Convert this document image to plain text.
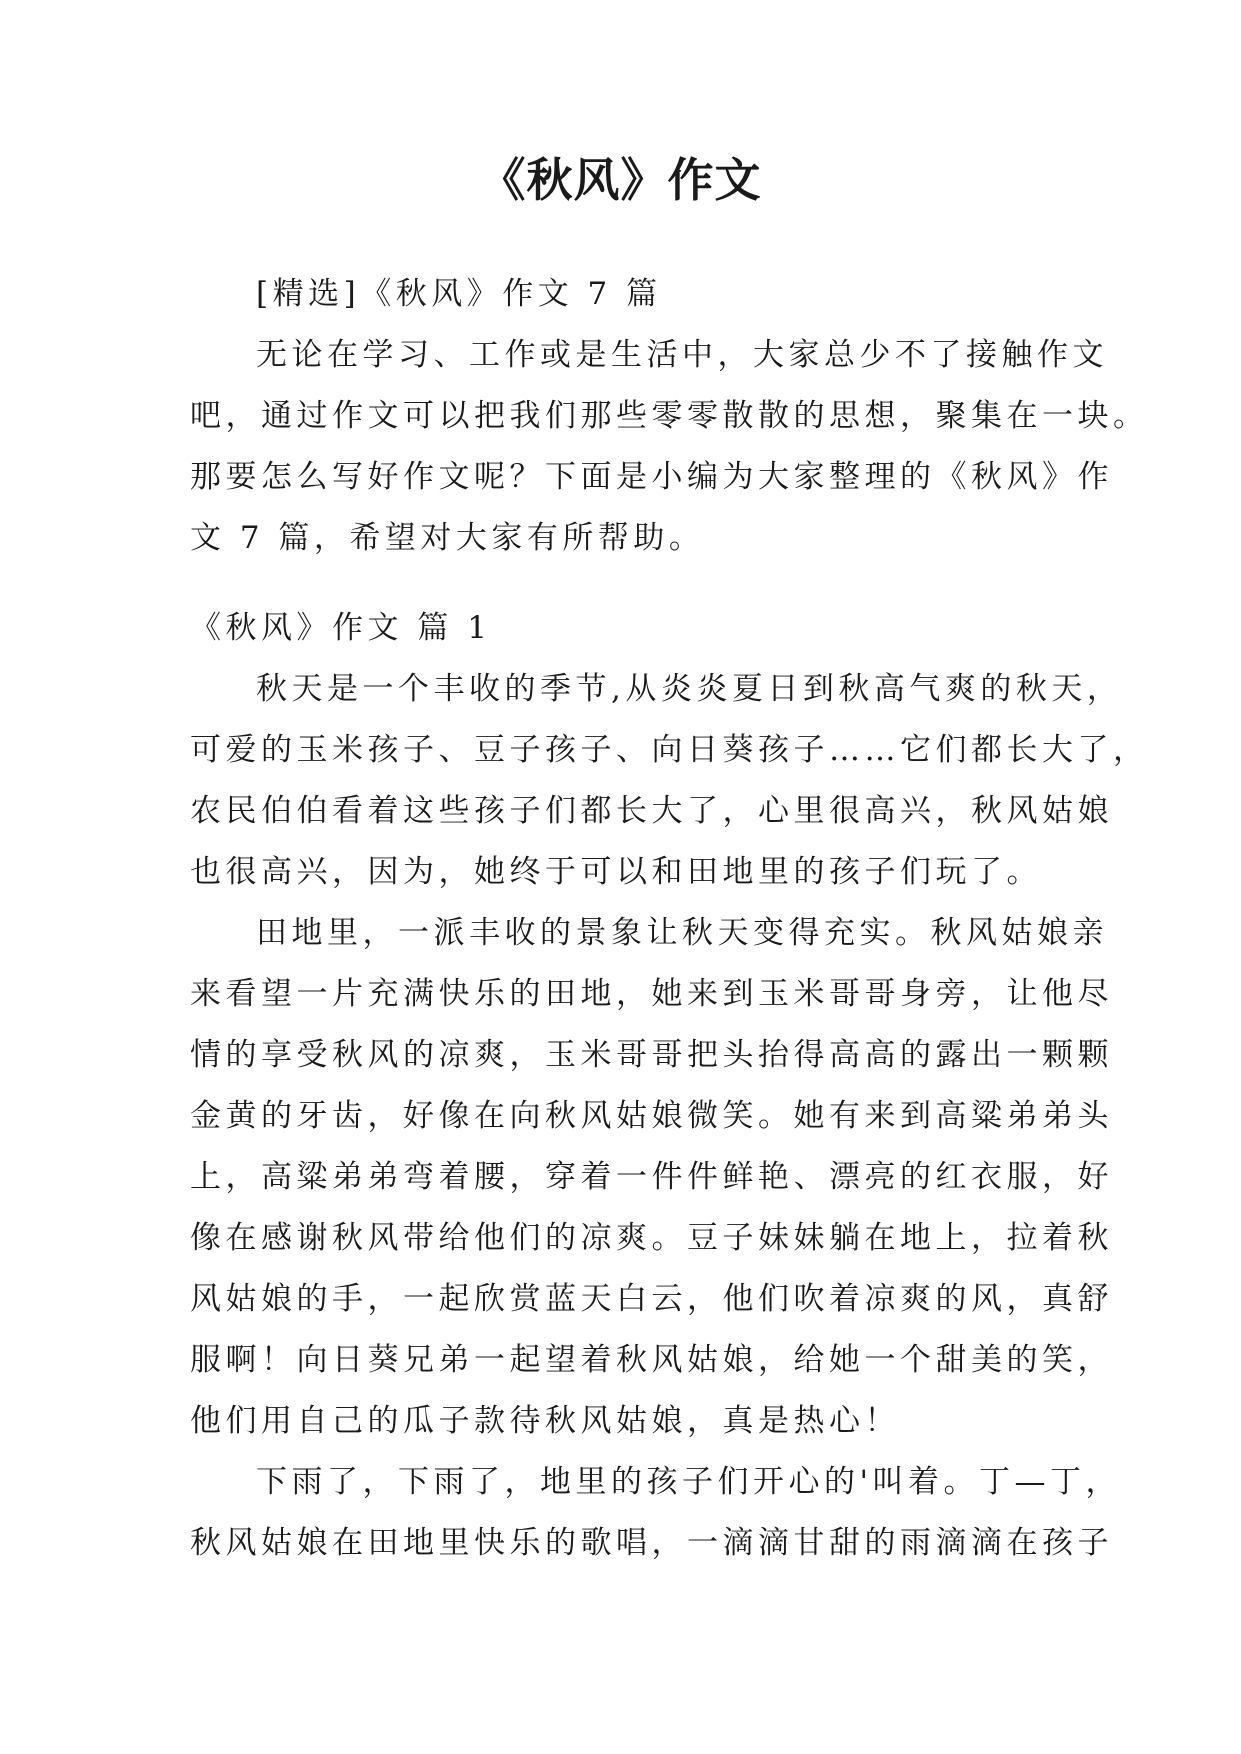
《秋风》作文
[精选]《秋风》作文 7 篇
无论在学习、工作或是生活中，大家总少不了接触作文
吧，通过作文可以把我们那些零零散散的思想，聚集在一块。
那要怎么写好作文呢？下面是小编为大家整理的《秋风》作
文 7 篇，希望对大家有所帮助。
《秋风》作文 篇 1
秋天是一个丰收的季节,从炎炎夏日到秋高气爽的秋天，
可爱的玉米孩子、豆子孩子、向日葵孩子……它们都长大了，
农民伯伯看着这些孩子们都长大了，心里很高兴，秋风姑娘
也很高兴，因为，她终于可以和田地里的孩子们玩了。
田地里，一派丰收的景象让秋天变得充实。秋风姑娘亲
来看望一片充满快乐的田地，她来到玉米哥哥身旁，让他尽
情的享受秋风的凉爽，玉米哥哥把头抬得高高的露出一颗颗
金黄的牙齿，好像在向秋风姑娘微笑。她有来到高粱弟弟头
上，高粱弟弟弯着腰，穿着一件件鲜艳、漂亮的红衣服，好
像在感谢秋风带给他们的凉爽。豆子妹妹躺在地上，拉着秋
风姑娘的手，一起欣赏蓝天白云，他们吹着凉爽的风，真舒
服啊！向日葵兄弟一起望着秋风姑娘，给她一个甜美的笑，
他们用自己的瓜子款待秋风姑娘，真是热心！
下雨了，下雨了，地里的孩子们开心的'叫着。丁—丁，
秋风姑娘在田地里快乐的歌唱，一滴滴甘甜的雨滴滴在孩子
